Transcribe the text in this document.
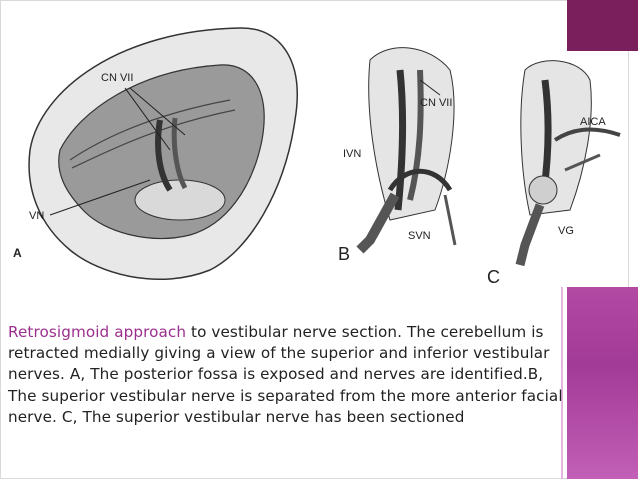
CN VII
VN
A
CN VII
IVN
SVN
B
AICA
VG
C
Retrosigmoid approach to vestibular nerve section. The cerebellum is retracted medially giving a view of the superior and inferior vestibular nerves. A, The posterior fossa is exposed and nerves are identified.B, The superior vestibular nerve is separated from the more anterior facial nerve. C, The superior vestibular nerve has been sectioned
